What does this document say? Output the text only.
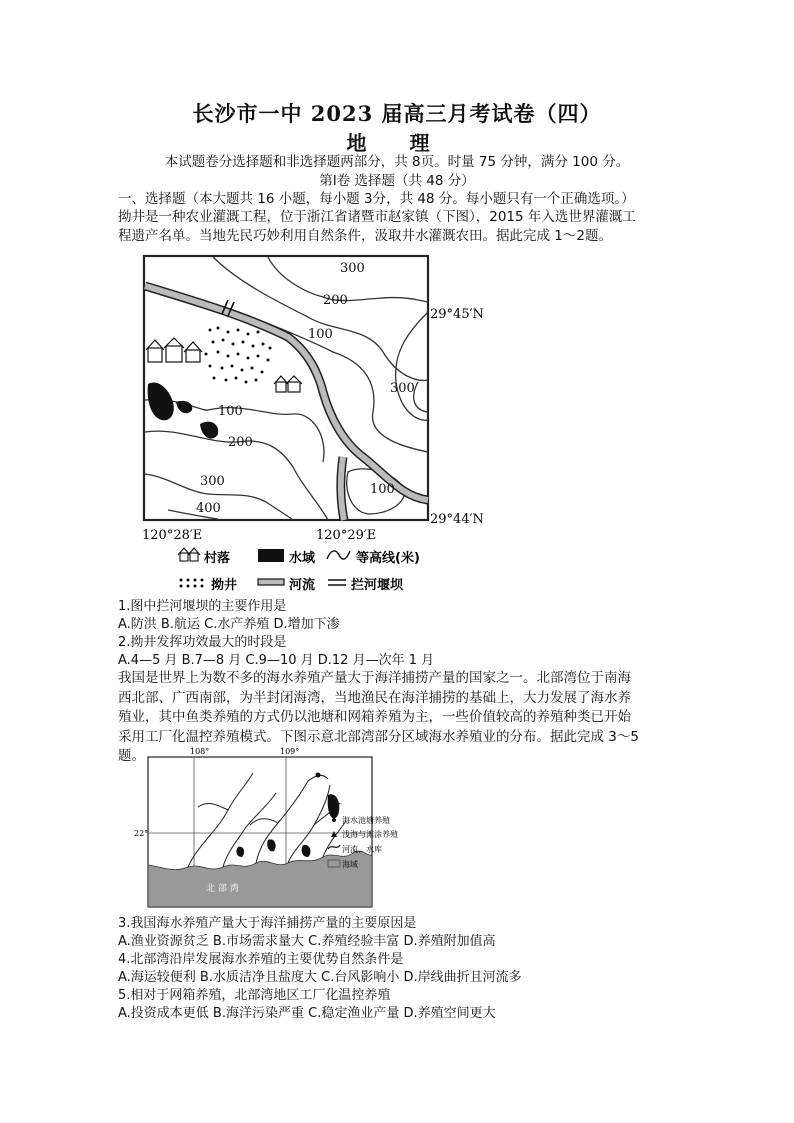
长沙市一中 2023 届高三月考试卷（四）
地 理
本试题卷分选择题和非选择题两部分，共 8页。时量 75 分钟，满分 100 分。
第Ⅰ卷 选择题（共 48 分）
一、选择题（本大题共 16 小题，每小题 3分，共 48 分。每小题只有一个正确选项。）
拗井是一种农业灌溉工程，位于浙江省诸暨市赵家镇（下图），2015 年入选世界灌溉工程遗产名单。当地先民巧妙利用自然条件，汲取井水灌溉农田。据此完成 1～2题。
300
200
100
300
100
200
300
400
100
29°45′N
29°44′N
120°28′E	120°29′E
村落	水域	等高线(米)
拗井	河流	拦河堰坝
1.图中拦河堰坝的主要作用是
A.防洪 B.航运 C.水产养殖 D.增加下渗
2.拗井发挥功效最大的时段是
A.4—5 月 B.7—8 月 C.9—10 月 D.12 月—次年 1 月
我国是世界上为数不多的海水养殖产量大于海洋捕捞产量的国家之一。北部湾位于南海西北部、广西南部，为半封闭海湾，当地渔民在海洋捕捞的基础上，大力发展了海水养殖业，其中鱼类养殖的方式仍以池塘和网箱养殖为主，一些价值较高的养殖种类已开始采用工厂化温控养殖模式。下图示意北部湾部分区域海水养殖业的分布。据此完成 3～5 题。	108°	109°
22°
北 部 湾
海水池塘养殖
浅海与滩涂养殖
河流、水库
海域
3.我国海水养殖产量大于海洋捕捞产量的主要原因是
A.渔业资源贫乏 B.市场需求量大 C.养殖经验丰富 D.养殖附加值高
4.北部湾沿岸发展海水养殖的主要优势自然条件是
A.海运较便利 B.水质洁净且盐度大 C.台风影响小 D.岸线曲折且河流多
5.相对于网箱养殖，北部湾地区工厂化温控养殖
A.投资成本更低 B.海洋污染严重 C.稳定渔业产量 D.养殖空间更大
